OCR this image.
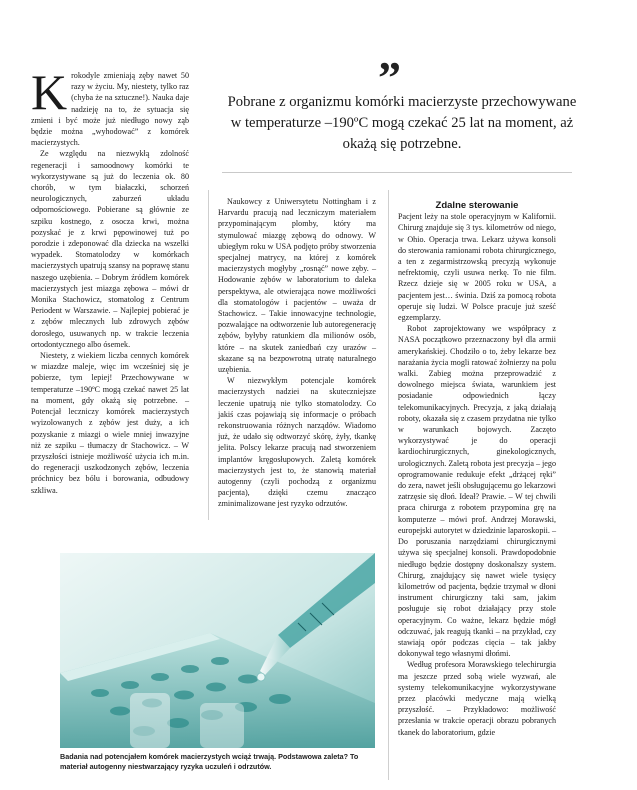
Krokodyle zmieniają zęby nawet 50 razy w życiu. My, niestety, tylko raz (chyba że na sztuczne!). Nauka daje nadzieję na to, że sytuacja się zmieni i być może już niedługo nowy ząb będzie można „wyhodować” z komórek macierzystych.

Ze względu na niezwykłą zdolność regeneracji i samoodnowy komórki te wykorzystywane są już do leczenia ok. 80 chorób, w tym białaczki, schorzeń neurologicznych, zaburzeń układu odpornościowego. Pobierane są głównie ze szpiku kostnego, z osocza krwi, można pozyskać je z krwi pępowinowej tuż po porodzie i zdeponować dla dziecka na wszelki wypadek. Stomatolodzy w komórkach macierzystych upatrują szansy na poprawę stanu naszego uzębienia. – Dobrym źródłem komórek macierzystych jest miazga zębowa – mówi dr Monika Stachowicz, stomatolog z Centrum Periodent w Warszawie. – Najlepiej pobierać je z zębów mlecznych lub zdrowych zębów dorosłego, usuwanych np. w trakcie leczenia ortodontycznego albo ósemek.

Niestety, z wiekiem liczba cennych komórek w miazdze maleje, więc im wcześniej się je pobierze, tym lepiej! Przechowywane w temperaturze –190ºC mogą czekać nawet 25 lat na moment, gdy okażą się potrzebne. – Potencjał leczniczy komórek macierzystych wyizolowanych z zębów jest duży, a ich pozyskanie z miazgi o wiele mniej inwazyjne niż ze szpiku – tłumaczy dr Stachowicz. – W przyszłości istnieje możliwość użycia ich m.in. do regeneracji uszkodzonych zębów, leczenia próchnicy bez bólu i borowania, odbudowy szkliwa.

”
Pobrane z organizmu komórki macierzyste przechowywane w temperaturze –190ºC mogą czekać 25 lat na moment, aż okażą się potrzebne.

Naukowcy z Uniwersytetu Nottingham i z Harvardu pracują nad leczniczym materiałem przypominającym plomby, który ma stymulować miazgę zębową do odnowy. W ubiegłym roku w USA podjęto próby stworzenia specjalnej matrycy, na której z komórek macierzystych mogłyby „rosnąć” nowe zęby. – Hodowanie zębów w laboratorium to daleka perspektywa, ale otwierająca nowe możliwości dla stomatologów i pacjentów – uważa dr Stachowicz. – Takie innowacyjne technologie, pozwalające na odtworzenie lub autoregenerację zębów, byłyby ratunkiem dla milionów osób, które – na skutek zaniedbań czy urazów – skazane są na bezpowrotną utratę naturalnego uzębienia.

W niezwykłym potencjale komórek macierzystych nadziei na skuteczniejsze leczenie upatrują nie tylko stomatolodzy. Co jakiś czas pojawiają się informacje o próbach rekonstruowania różnych narządów. Wiadomo już, że udało się odtworzyć skórę, żyły, tkankę jelita. Polscy lekarze pracują nad stworzeniem implantów kręgosłupowych. Zaletą komórek macierzystych jest to, że stanowią materiał autogenny (czyli pochodzą z organizmu pacjenta), dzięki czemu znacząco zminimalizowane jest ryzyko odrzutów.

Zdalne sterowanie

Pacjent leży na stole operacyjnym w Kalifornii. Chirurg znajduje się 3 tys. kilometrów od niego, w Ohio. Operacja trwa. Lekarz używa konsoli do sterowania ramionami robota chirurgicznego, a ten z zegarmistrzowską precyzją wykonuje nefrektomię, czyli usuwa nerkę. To nie film. Rzecz dzieje się w 2005 roku w USA, a pacjentem jest… świnia. Dziś za pomocą robota operuje się ludzi. W Polsce pracuje już sześć egzemplarzy.

Robot zaprojektowany we współpracy z NASA początkowo przeznaczony był dla armii amerykańskiej. Chodziło o to, żeby lekarze bez narażania życia mogli ratować żołnierzy na polu walki. Zabieg można przeprowadzić z dowolnego miejsca świata, warunkiem jest posiadanie odpowiednich łączy telekomunikacyjnych. Precyzja, z jaką działają roboty, okazała się z czasem przydatna nie tylko w warunkach bojowych. Zaczęto wykorzystywać je do operacji kardiochirurgicznych, ginekologicznych, urologicznych. Zaletą robota jest precyzja – jego oprogramowanie redukuje efekt „drżącej ręki” do zera, nawet jeśli obsługującemu go lekarzowi zatrzęsie się dłoń. Ideał? Prawie. – W tej chwili praca chirurga z robotem przypomina grę na komputerze – mówi prof. Andrzej Morawski, europejski autorytet w dziedzinie laparoskopii. – Do poruszania narzędziami chirurgicznymi używa się specjalnej konsoli. Prawdopodobnie niedługo będzie dostępny doskonalszy system. Chirurg, znajdujący się nawet wiele tysięcy kilometrów od pacjenta, będzie trzymał w dłoni instrument chirurgiczny taki sam, jakim posługuje się robot działający przy stole operacyjnym. Co ważne, lekarz będzie mógł odczuwać, jak reagują tkanki – na przykład, czy stawiają opór podczas cięcia – tak jakby dokonywał tego własnymi dłońmi.

Według profesora Morawskiego telechirurgia ma jeszcze przed sobą wiele wyzwań, ale systemy telekomunikacyjne wykorzystywane przez placówki medyczne mają wielką przyszłość. – Przykładowo: możliwość przesłania w trakcie operacji obrazu pobranych tkanek do laboratorium, gdzie

Badania nad potencjałem komórek macierzystych wciąż trwają. Podstawowa zaleta? To materiał autogenny niestwarzający ryzyka uczuleń i odrzutów.
